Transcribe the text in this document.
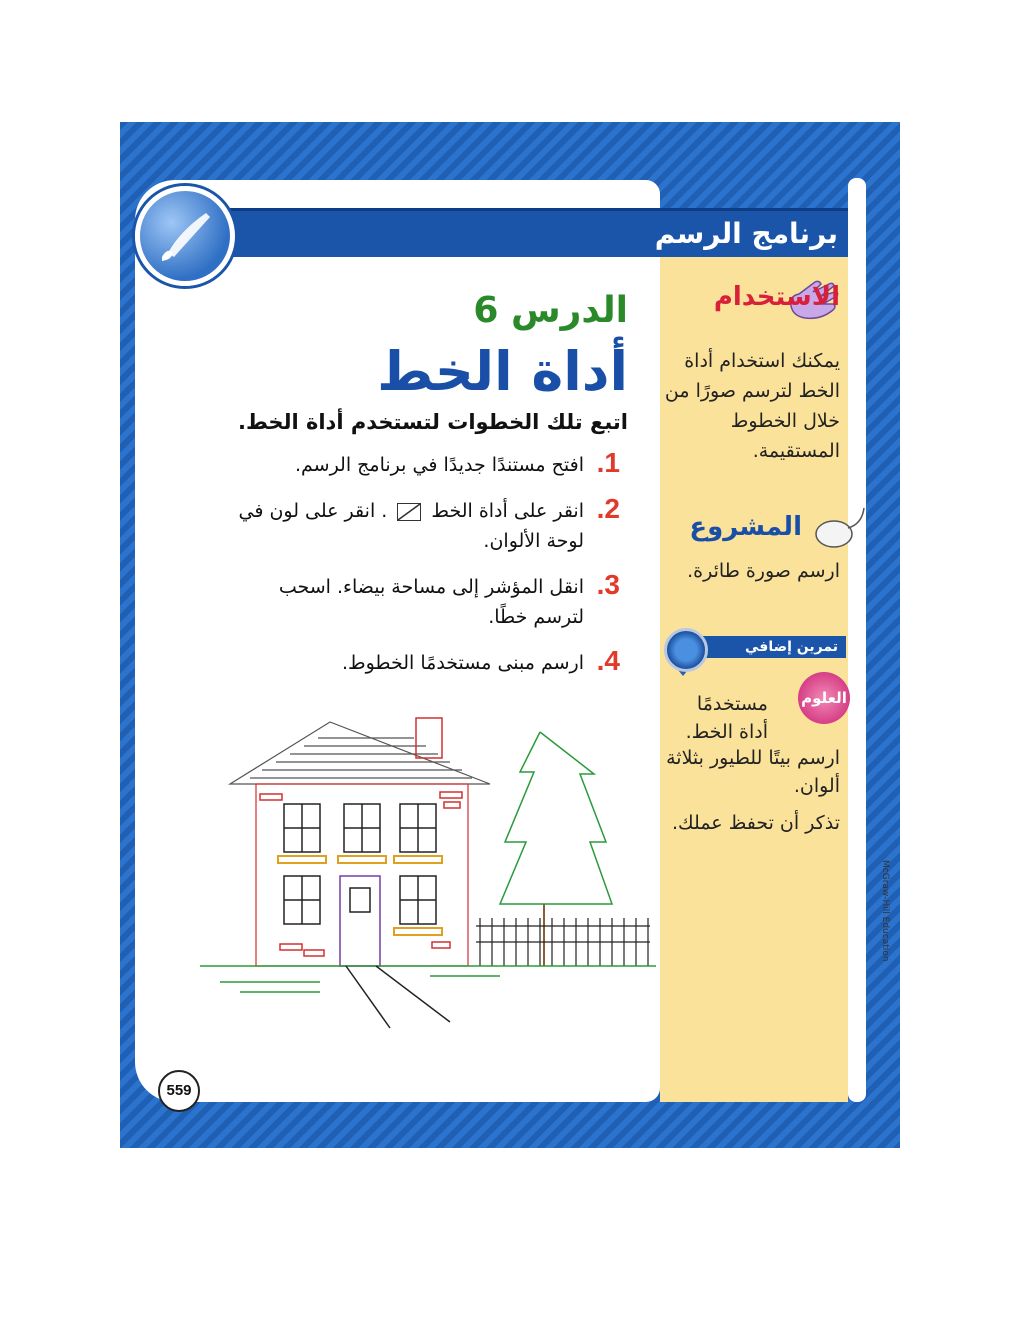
برنامج الرسم
الدرس 6
أداة الخط
اتبع تلك الخطوات لتستخدم أداة الخط.
1.
افتح مستندًا جديدًا في برنامج الرسم.
2.
انقر على أداة الخط  . انقر على لون في لوحة الألوان.
3.
انقل المؤشر إلى مساحة بيضاء. اسحب لترسم خطًا.
4.
ارسم مبنى مستخدمًا الخطوط.
الاستخدام
يمكنك استخدام أداة الخط لترسم صورًا من خلال الخطوط المستقيمة.
المشروع
ارسم صورة طائرة.
تمرين إضافي
العلوم
مستخدمًا أداة الخط.
ارسم بيتًا للطيور بثلاثة ألوان.
تذكر أن تحفظ عملك.
559
McGraw-Hill Education
